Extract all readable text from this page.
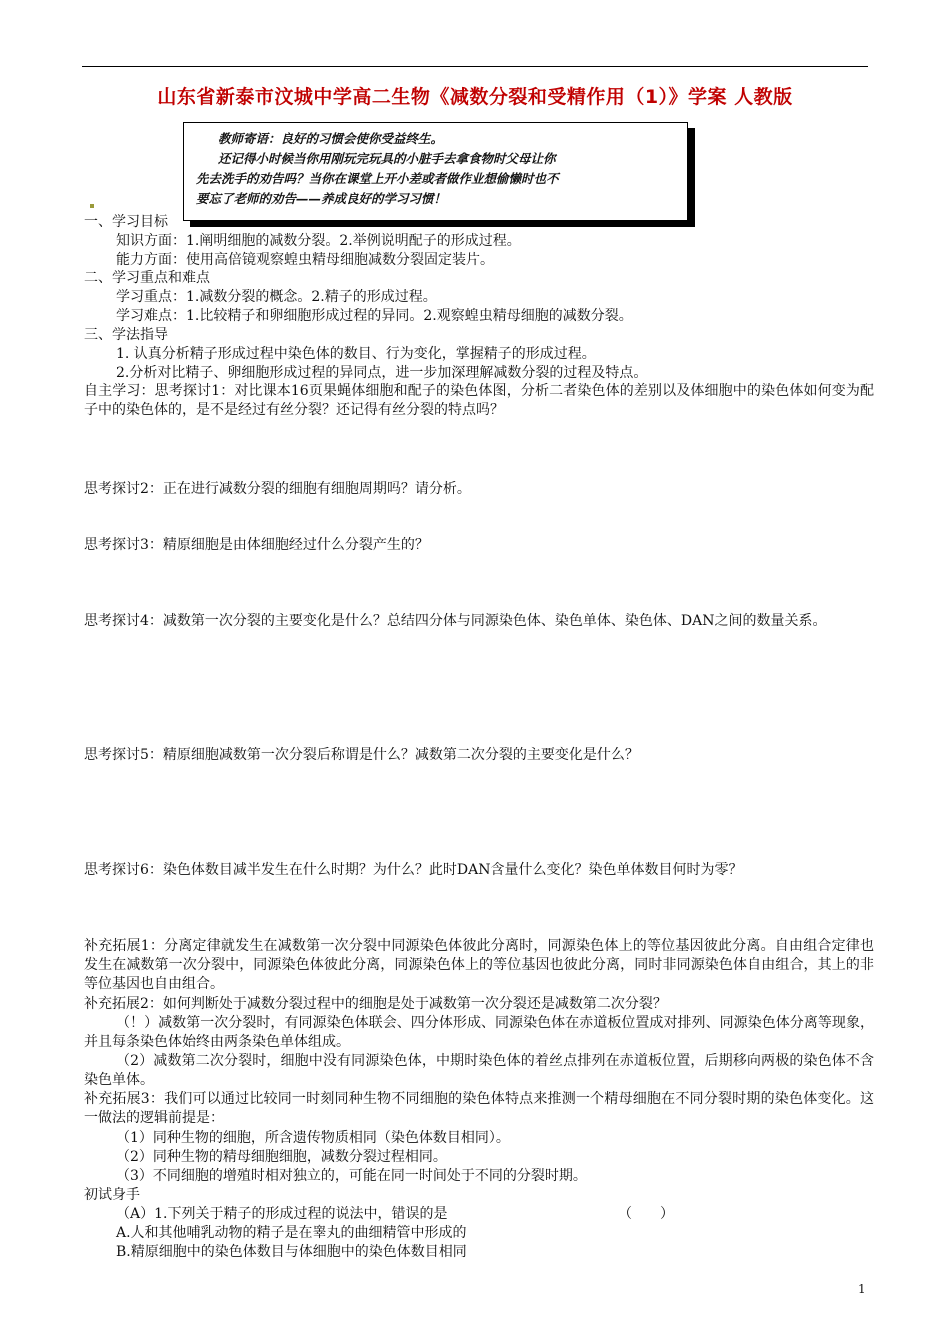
山东省新泰市汶城中学高二生物《减数分裂和受精作用（1）》学案 人教版
教师寄语：良好的习惯会使你受益终生。
还记得小时候当你用刚玩完玩具的小脏手去拿食物时父母让你
先去洗手的劝告吗？当你在课堂上开小差或者做作业想偷懒时也不
要忘了老师的劝告——养成良好的学习习惯！
一、学习目标
知识方面：1.阐明细胞的减数分裂。2.举例说明配子的形成过程。
能力方面：使用高倍镜观察蝗虫精母细胞减数分裂固定装片。
二、学习重点和难点
学习重点：1.减数分裂的概念。2.精子的形成过程。
学习难点：1.比较精子和卵细胞形成过程的异同。2.观察蝗虫精母细胞的减数分裂。
三、学法指导
1. 认真分析精子形成过程中染色体的数目、行为变化，掌握精子的形成过程。
2.分析对比精子、卵细胞形成过程的异同点，进一步加深理解减数分裂的过程及特点。
自主学习：思考探讨1：对比课本16页果蝇体细胞和配子的染色体图，分析二者染色体的差别以及体细胞中的染色体如何变为配子中的染色体的，是不是经过有丝分裂？还记得有丝分裂的特点吗？
思考探讨2：正在进行减数分裂的细胞有细胞周期吗？请分析。
思考探讨3：精原细胞是由体细胞经过什么分裂产生的？
思考探讨4：减数第一次分裂的主要变化是什么？总结四分体与同源染色体、染色单体、染色体、DAN之间的数量关系。
思考探讨5：精原细胞减数第一次分裂后称谓是什么？减数第二次分裂的主要变化是什么？
思考探讨6：染色体数目减半发生在什么时期？为什么？此时DAN含量什么变化？染色单体数目何时为零？
补充拓展1：分离定律就发生在减数第一次分裂中同源染色体彼此分离时，同源染色体上的等位基因彼此分离。自由组合定律也发生在减数第一次分裂中，同源染色体彼此分离，同源染色体上的等位基因也彼此分离，同时非同源染色体自由组合，其上的非等位基因也自由组合。
补充拓展2：如何判断处于减数分裂过程中的细胞是处于减数第一次分裂还是减数第二次分裂？
（！）减数第一次分裂时，有同源染色体联会、四分体形成、同源染色体在赤道板位置成对排列、同源染色体分离等现象，并且每条染色体始终由两条染色单体组成。
（2）减数第二次分裂时，细胞中没有同源染色体，中期时染色体的着丝点排列在赤道板位置，后期移向两极的染色体不含染色单体。
补充拓展3：我们可以通过比较同一时刻同种生物不同细胞的染色体特点来推测一个精母细胞在不同分裂时期的染色体变化。这一做法的逻辑前提是：
（1）同种生物的细胞，所含遗传物质相同（染色体数目相同）。
（2）同种生物的精母细胞细胞，减数分裂过程相同。
（3）不同细胞的增殖时相对独立的，可能在同一时间处于不同的分裂时期。
初试身手
（A）1.下列关于精子的形成过程的说法中，错误的是	（　　）
A.人和其他哺乳动物的精子是在睾丸的曲细精管中形成的
B.精原细胞中的染色体数目与体细胞中的染色体数目相同
1
